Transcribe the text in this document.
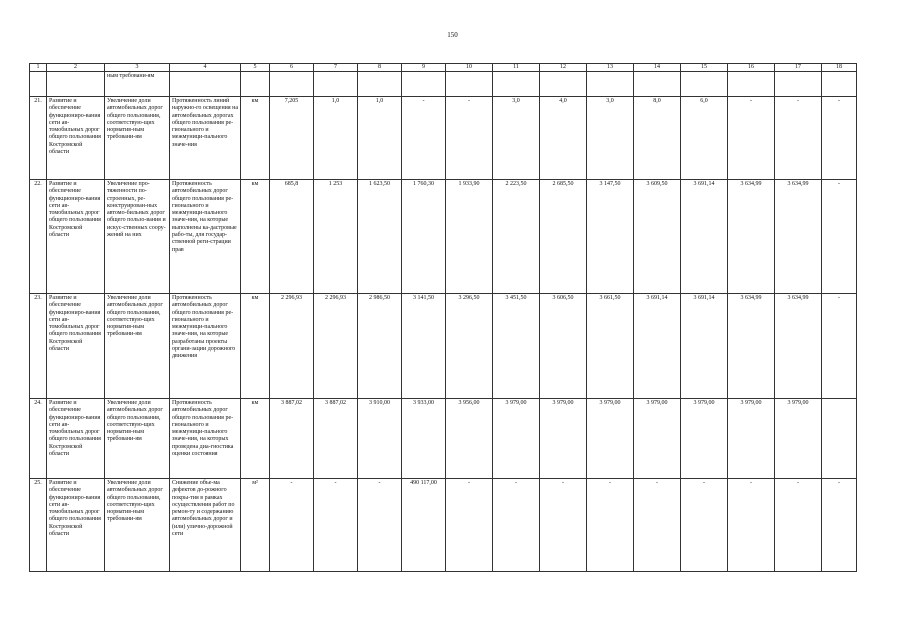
150
1	2	3	4	5	6	7	8	9	10	11	12	13	14	15	16	17	18
		ным требовани-ям															
21.	Развитие и обеспечение функциониро-вания сети ав-томобильных дорог общего пользования Костромской области	Увеличение доли автомобильных дорог общего пользования, соответствую-щих норматив-ным требовани-ям	Протяженность линий наружно-го освещения на автомобильных дорогах общего пользования ре-гионального и межмуници-пального значе-ния	км	7,205	1,0	1,0	-	-	3,0	4,0	3,0	8,0	6,0	-	-	-
22.	Развитие и обеспечение функциониро-вания сети ав-томобильных дорог общего пользования Костромской области	Увеличение про-тяженности по-строенных, ре-конструирован-ных автомо-бильных дорог общего пользо-вания и искус-ственных соору-жений на них	Протяженность автомобильных дорог общего пользования ре-гионального и межмуници-пального значе-ния, на которые выполнены ка-дастровые рабо-ты, для государ-ственной реги-страции прав	км	685,8	1 253	1 623,50	1 760,30	1 933,90	2 223,50	2 685,50	3 147,50	3 609,50	3 691,14	3 634,99	3 634,99	-
23.	Развитие и обеспечение функциониро-вания сети ав-томобильных дорог общего пользования Костромской области	Увеличение доли автомобильных дорог общего пользования, соответствую-щих норматив-ным требовани-ям	Протяженность автомобильных дорог общего пользования ре-гионального и межмуници-пального значе-ния, на которые разработаны проекты органи-зации дорожного движения	км	2 296,93	2 296,93	2 986,50	3 141,50	3 296,50	3 451,50	3 606,50	3 661,50	3 691,14	3 691,14	3 634,99	3 634,99	-
24.	Развитие и обеспечение функциониро-вания сети ав-томобильных дорог общего пользования Костромской области	Увеличение доли автомобильных дорог общего пользования, соответствую-щих норматив-ным требовани-ям	Протяженность автомобильных дорог общего пользования ре-гионального и межмуници-пального значе-ния, на которых проведена диа-гностика оценки состояния	км	3 887,02	3 887,02	3 910,00	3 933,00	3 956,00	3 979,00	3 979,00	3 979,00	3 979,00	3 979,00	3 979,00	3 979,00	
25.	Развитие и обеспечение функциониро-вания сети ав-томобильных дорог общего пользования Костромской области	Увеличение доли автомобильных дорог общего пользования, соответствую-щих норматив-ным требовани-ям	Снижение объе-ма дефектов до-рожного покры-тия в рамках осуществления работ по ремон-ту и содержанию автомобильных дорог и (или) улично-дорожной сети	м²	-	-	-	490 117,00	-	-	-	-	-	-	-	-	-
